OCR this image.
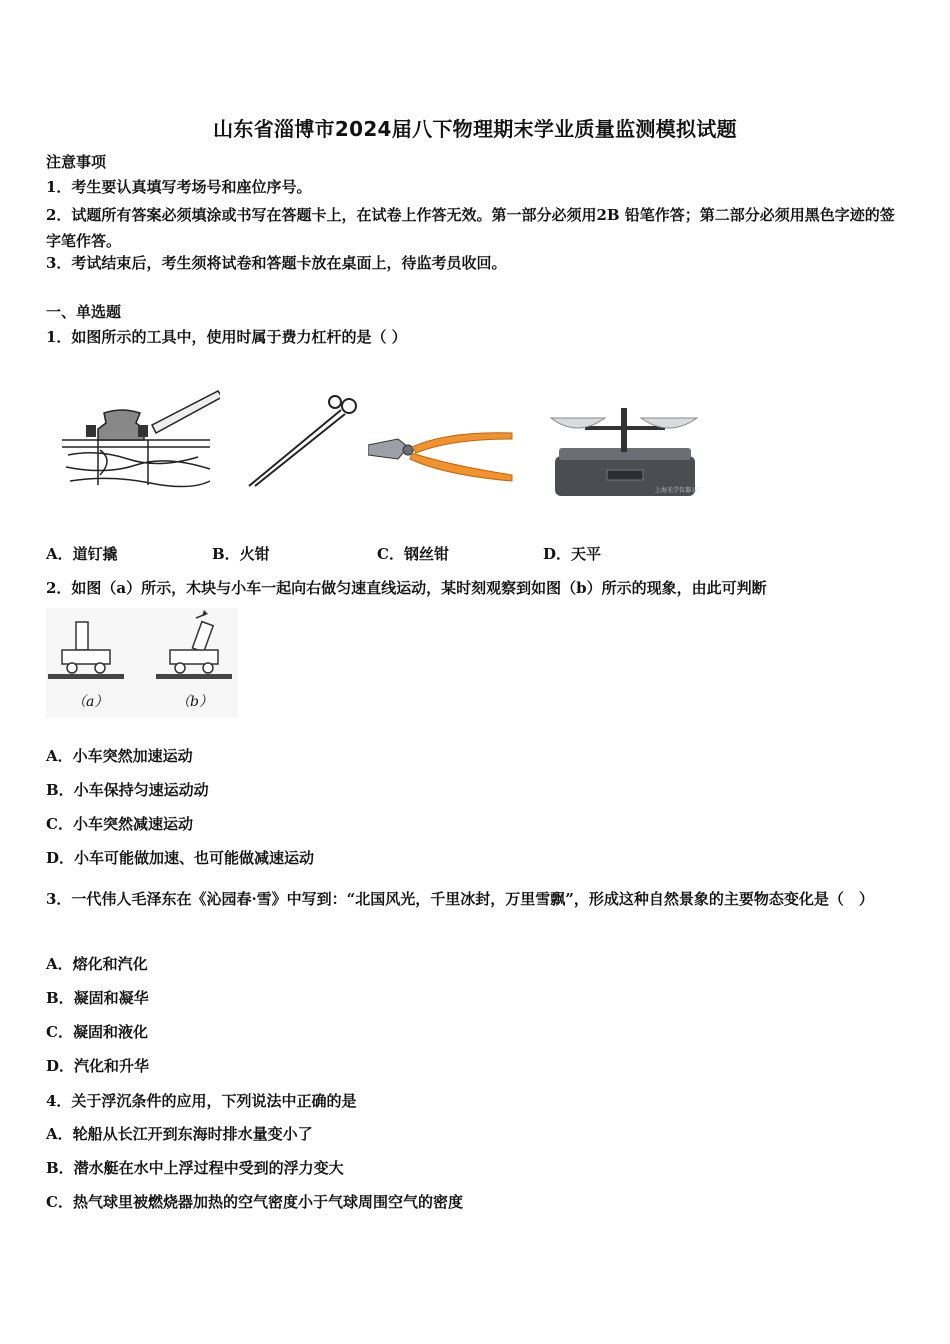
山东省淄博市2024届八下物理期末学业质量监测模拟试题
注意事项
1．考生要认真填写考场号和座位序号。
2．试题所有答案必须填涂或书写在答题卡上，在试卷上作答无效。第一部分必须用2B 铅笔作答；第二部分必须用黑色字迹的签字笔作答。
3．考试结束后，考生须将试卷和答题卡放在桌面上，待监考员收回。
一、单选题
1．如图所示的工具中，使用时属于费力杠杆的是（ ）
上海光学仪器五厂
A．道钉撬	B．火钳	C．钢丝钳	D．天平
2．如图（a）所示，木块与小车一起向右做匀速直线运动，某时刻观察到如图（b）所示的现象，由此可判断
（a）	（b）
A．小车突然加速运动
B．小车保持匀速运动动
C．小车突然减速运动
D．小车可能做加速、也可能做减速运动
3．一代伟人毛泽东在《沁园春·雪》中写到：“北国风光，千里冰封，万里雪飘”，形成这种自然景象的主要物态变化是（　）
A．熔化和汽化
B．凝固和凝华
C．凝固和液化
D．汽化和升华
4．关于浮沉条件的应用，下列说法中正确的是
A．轮船从长江开到东海时排水量变小了
B．潜水艇在水中上浮过程中受到的浮力变大
C．热气球里被燃烧器加热的空气密度小于气球周围空气的密度
